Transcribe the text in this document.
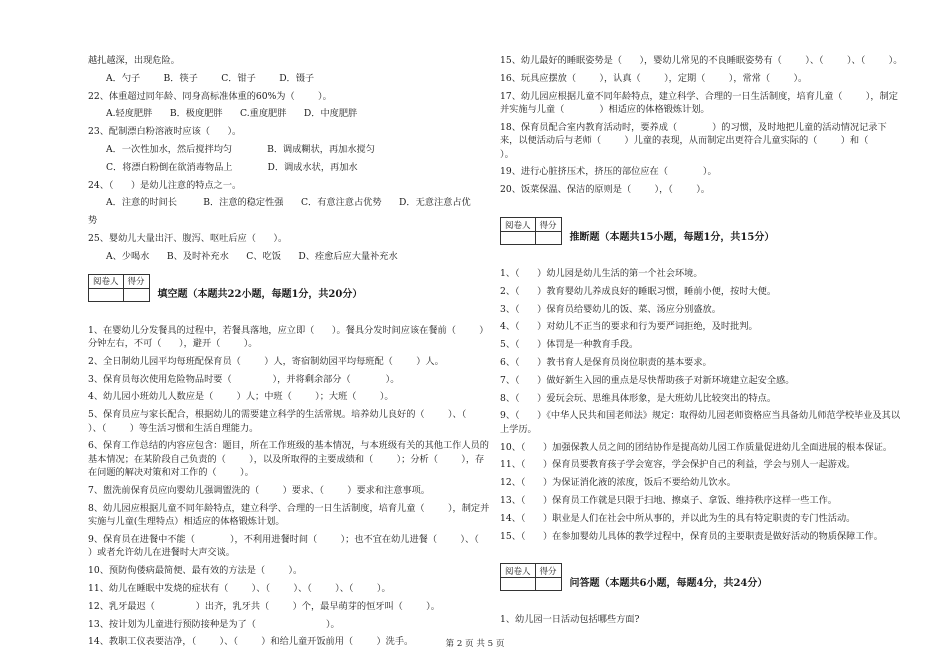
越扎越深，出现危险。

A．勺子        B．筷子        C．钳子        D．镊子

22、体重超过同年龄、同身高标准体重的60%为（        ）。

A.轻度肥胖      B．极度肥胖      C.重度肥胖      D．中度肥胖

23、配制漂白粉溶液时应该（      ）。

A．一次性加水，然后搅拌均匀            B．调成糊状，再加水搅匀

C．将漂白粉倒在欲消毒物品上            D．调成水状，再加水

24、（      ）是幼儿注意的特点之一。

A．注意的时间长         B．注意的稳定性强      C．有意注意占优势      D．无意注意占优

势

25、婴幼儿大量出汗、腹泻、呕吐后应（      ）。

A、少喝水      B、及时补充水      C、吃饭      D、痊愈后应大量补充水

阅卷人	得分

填空题（本题共22小题，每题1分，共20分）

1、在婴幼儿分发餐具的过程中，若餐具落地，应立即（      ）。餐具分发时间应该在餐前（        ）分钟左右，不可（      ），避开（        ）。

2、全日制幼儿园平均每班配保育员（        ）人，寄宿制幼园平均每班配（        ）人。

3、保育员每次使用危险物品时要（              ），并将剩余部分（            ）。

4、幼儿园小班幼儿人数应是（        ）人；中班（        ）；大班（        ）。

5、保育员应与家长配合，根据幼儿的需要建立科学的生活常规。培养幼儿良好的（        ）、（        ）、（        ）等生活习惯和生活自理能力。

6、保育工作总结的内容应包含：题目，所在工作班级的基本情况，与本班级有关的其他工作人员的基本情况；在某阶段自己负责的（        ），以及所取得的主要成绩和（        ）；分析（        ），存在问题的解决对策和对工作的（        ）。

7、盥洗前保育员应向婴幼儿强调盥洗的（        ）要求、（        ）要求和注意事项。

8、幼儿园应根据儿童不同年龄特点，建立科学、合理的一日生活制度，培育儿童（        ），制定并实施与儿童(生理特点）相适应的体格锻炼计划。

9、保育员在进餐中不能（            ），不利用进餐时间（        ）；也不宜在幼儿进餐（        ）、（        ）或者允许幼儿在进餐时大声交谈。

10、预防佝偻病最简便、最有效的方法是（        ）。

11、幼儿在睡眠中发烧的症状有（        ）、（        ）、（        ）、（        ）。

12、乳牙最迟（              ）出齐，乳牙共（        ）个，最早萌芽的恒牙叫（        ）。

13、按计划为儿童进行预防接种是为了（                        ）。

14、教职工仪表要洁净，（        ）、（        ）和给儿童开饭前用（        ）洗手。

15、幼儿最好的睡眠姿势是（      ），婴幼儿常见的不良睡眠姿势有（        ）、（        ）、（        ）。

16、玩具应摆放（        ），认真（        ），定期（        ），常常（        ）。

17、幼儿园应根据儿童不同年龄特点，建立科学、合理的一日生活制度，培育儿童（        ），制定并实施与儿童（            ）相适应的体格锻炼计划。

18、保育员配合室内教育活动时，要养成（            ）的习惯，及时地把儿童的活动情况记录下来，以便活动后与老师（        ）儿童的表现，从而制定出更符合儿童实际的（        ）和（        ）。

19、进行心脏挤压术，挤压的部位应在（            ）。

20、饭菜保温、保洁的原则是（        ），（        ）。

阅卷人	得分

推断题（本题共15小题，每题1分，共15分）

1、（      ）幼儿园是幼儿生活的第一个社会环境。

2、（      ）教育婴幼儿养成良好的睡眠习惯，睡前小便，按时大便。

3、（      ）保育员给婴幼儿的饭、菜、汤应分别盛放。

4、（      ）对幼儿不正当的要求和行为要严词拒绝，及时批判。

5、（      ）体罚是一种教育手段。

6、（      ）教书育人是保育员岗位职责的基本要求。

7、（      ）做好新生入园的重点是尽快帮助孩子对新环境建立起安全感。

8、（      ）爱玩会玩、思维具体形象，是大班幼儿比较突出的特点。

9、（      ）《中华人民共和国老师法》规定：取得幼儿园老师资格应当具备幼儿师范学校毕业及其以上学历。

10、（      ）加强保教人员之间的团结协作是提高幼儿园工作质量促进幼儿全面进展的根本保证。

11、（      ）保育员要教育孩子学会宽容，学会保护自己的利益，学会与别人一起游戏。

12、（      ）为保证消化液的浓度，饭后不要给幼儿饮水。

13、（      ）保育员工作就是只限于扫地、擦桌子、拿饭、维持秩序这样一些工作。

14、（      ）职业是人们在社会中所从事的，并以此为生的具有特定职责的专门性活动。

15、（      ）在参加婴幼儿具体的教学过程中，保育员的主要职责是做好活动的物质保障工作。

阅卷人	得分

问答题（本题共6小题，每题4分，共24分）

1、幼儿园一日活动包括哪些方面?

第 2 页 共 5 页
